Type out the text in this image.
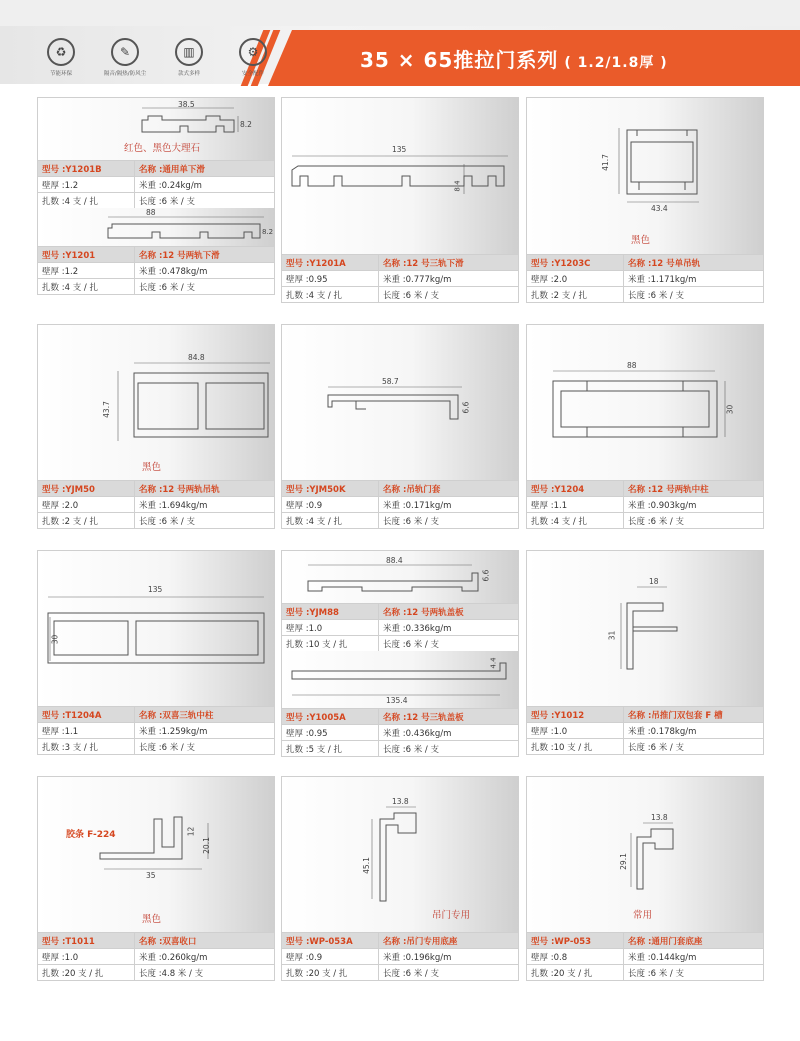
35 × 65推拉门系列 ( 1.2/1.8厚 )
♻
节能环保
✎
隔音/隔热/防风尘
▥
款式多样
⚙
安全配件
38.5
8.2
红色、黑色大理石
型号 :Y1201B	名称 :通用单下滑
壁厚 :1.2	米重 :0.24kg/m
扎数 :4 支 / 扎	长度 :6 米 / 支
88
8.2
型号 :Y1201	名称 :12 号两轨下滑
壁厚 :1.2	米重 :0.478kg/m
扎数 :4 支 / 扎	长度 :6 米 / 支
135
8.4
型号 :Y1201A	名称 :12 号三轨下滑
壁厚 :0.95	米重 :0.777kg/m
扎数 :4 支 / 扎	长度 :6 米 / 支
41.7
43.4
黑色
型号 :Y1203C	名称 :12 号单吊轨
壁厚 :2.0	米重 :1.171kg/m
扎数 :2 支 / 扎	长度 :6 米 / 支
84.8
43.7
黑色
型号 :YJM50	名称 :12 号两轨吊轨
壁厚 :2.0	米重 :1.694kg/m
扎数 :2 支 / 扎	长度 :6 米 / 支
58.7
6.6
型号 :YJM50K	名称 :吊轨门套
壁厚 :0.9	米重 :0.171kg/m
扎数 :4 支 / 扎	长度 :6 米 / 支
88
30
型号 :Y1204	名称 :12 号两轨中柱
壁厚 :1.1	米重 :0.903kg/m
扎数 :4 支 / 扎	长度 :6 米 / 支
135
30
型号 :T1204A	名称 :双喜三轨中柱
壁厚 :1.1	米重 :1.259kg/m
扎数 :3 支 / 扎	长度 :6 米 / 支
88.4
6.6
型号 :YJM88	名称 :12 号两轨盖板
壁厚 :1.0	米重 :0.336kg/m
扎数 :10 支 / 扎	长度 :6 米 / 支
135.4
4.4
型号 :Y1005A	名称 :12 号三轨盖板
壁厚 :0.95	米重 :0.436kg/m
扎数 :5 支 / 扎	长度 :6 米 / 支
18
31
型号 :Y1012	名称 :吊推门双包套 F 槽
壁厚 :1.0	米重 :0.178kg/m
扎数 :10 支 / 扎	长度 :6 米 / 支
胶条 F-224
35
12
20.1
黑色
型号 :T1011	名称 :双喜收口
壁厚 :1.0	米重 :0.260kg/m
扎数 :20 支 / 扎	长度 :4.8 米 / 支
13.8
45.1
吊门专用
型号 :WP-053A	名称 :吊门专用底座
壁厚 :0.9	米重 :0.196kg/m
扎数 :20 支 / 扎	长度 :6 米 / 支
13.8
29.1
常用
型号 :WP-053	名称 :通用门套底座
壁厚 :0.8	米重 :0.144kg/m
扎数 :20 支 / 扎	长度 :6 米 / 支
